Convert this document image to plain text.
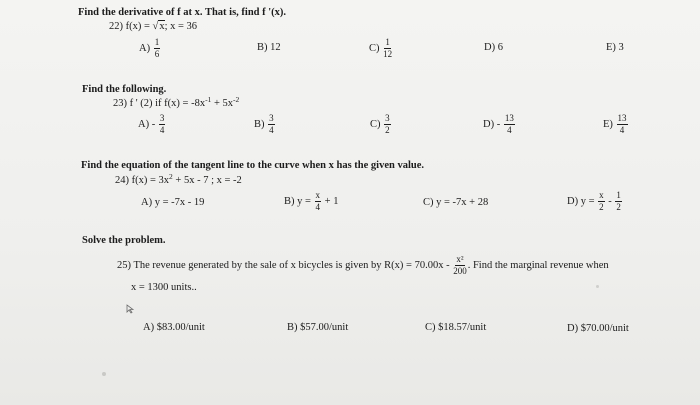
Find the derivative of f at x. That is, find f '(x).
22) f(x) = √x; x = 36
$A) \frac{1}{6}$	B) 12	$C) \frac{1}{12}$	D) 6	E) 3
Find the following.
23) f ' (2) if $f(x) = -8x^{-1} + 5x^{-2}$
$A) - \frac{3}{4}$	$B) \frac{3}{4}$	$C) \frac{3}{2}$	$D) - \frac{13}{4}$	$E) \frac{13}{4}$
Find the equation of the tangent line to the curve when x has the given value.
24) $f(x) = 3x^2 + 5x - 7$ ; x = -2
A) y = -7x - 19	B) $y = \frac{x}{4} + 1$	C) y = -7x + 28	D) $y = \frac{x}{2} - \frac{1}{2}$
Solve the problem.
25) The revenue generated by the sale of x bicycles is given by $R(x) = 70.00x - \frac{\text{x²}}{200}$ . Find the marginal revenue when
x = 1300 units..
A) $83.00/unit	B) $57.00/unit	C) $18.57/unit	D) $70.00/unit
